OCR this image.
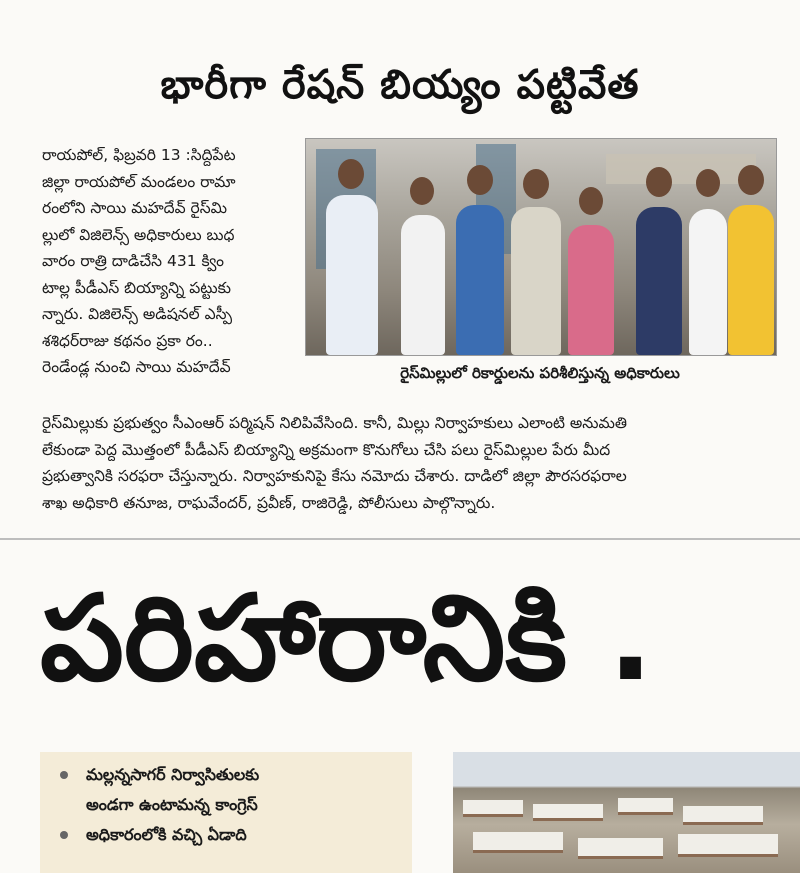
భారీగా రేషన్ బియ్యం పట్టివేత

రాయపోల్, ఫిబ్రవరి 13 :సిద్దిపేట

జిల్లా రాయపోల్ మండలం రామా

రంలోని సాయి మహదేవ్ రైస్‌మి

ల్లులో విజిలెన్స్ అధికారులు బుధ

వారం రాత్రి దాడిచేసి 431 క్విం

టాల్ల పీడీఎస్ బియ్యాన్ని పట్టుకు

న్నారు. విజిలెన్స్ అడిషనల్ ఎస్పీ

శశిధర్‌రాజు కథనం ప్రకా రం..

రెండేండ్ల నుంచి సాయి మహదేవ్	రైస్‌మిల్లులో రికార్డులను పరిశీలిస్తున్న అధికారులు

రైస్‌మిల్లుకు ప్రభుత్వం సీఎంఆర్ పర్మిషన్ నిలిపివేసింది. కానీ, మిల్లు నిర్వాహకులు ఎలాంటి అనుమతి

లేకుండా పెద్ద మొత్తంలో పీడీఎస్ బియ్యాన్ని అక్రమంగా కొనుగోలు చేసి పలు రైస్‌మిల్లుల పేరు మీద

ప్రభుత్వానికి సరఫరా చేస్తున్నారు. నిర్వాహకునిపై కేసు నమోదు చేశారు. దాడిలో జిల్లా పౌరసరఫరాల

శాఖ అధికారి తనూజ, రాఘవేందర్, ప్రవీణ్, రాజిరెడ్డి, పోలీసులు పాల్గొన్నారు.

పరిహారానికి .
మల్లన్నసాగర్ నిర్వాసితులకు
అండగా ఉంటామన్న కాంగ్రెస్
అధికారంలోకి వచ్చి ఏడాది
